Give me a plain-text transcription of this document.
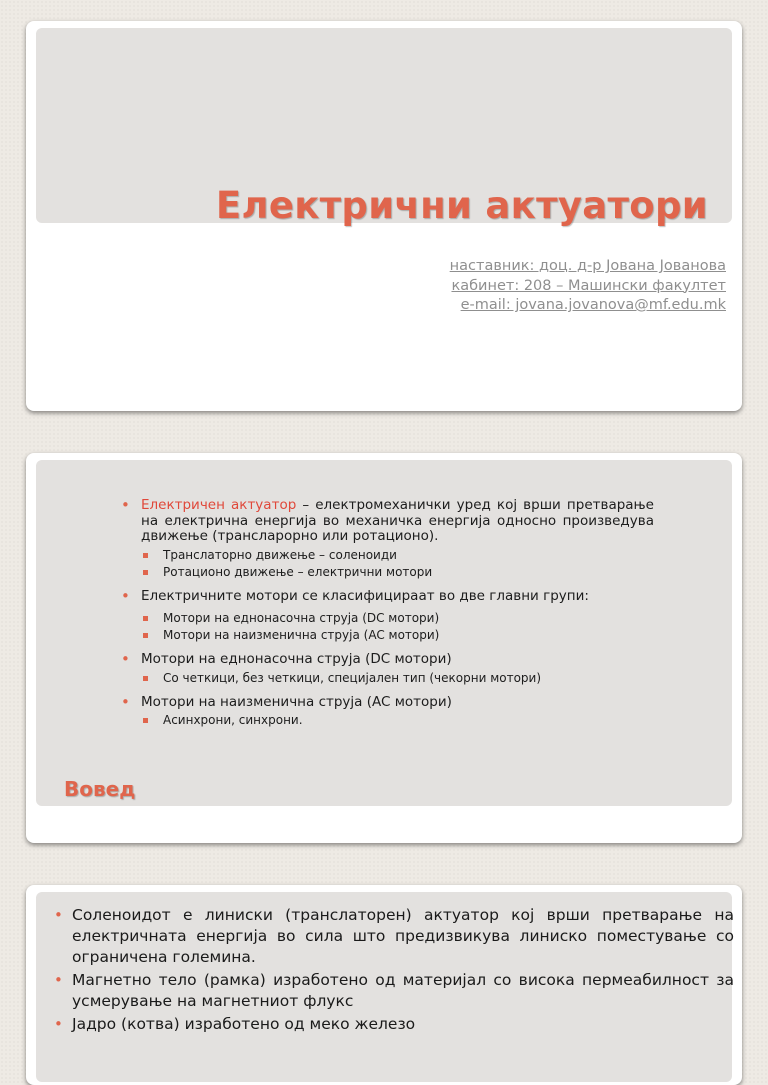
Електрични актуатори
наставник: доц. д-р Јована Јованова
кабинет: 208 – Машински факултет
e-mail: jovana.jovanova@mf.edu.mk
• Електричен актуатор – електромеханички уред кој врши претварање на електрична енергија во механичка енергија односно произведува движење (трансларорно или ротационо).
Транслаторно движење – соленоиди
Ротационо движење – електрични мотори
• Електричните мотори се класифицираат во две главни групи:
Мотори на еднонасочна струја (DC мотори)
Мотори на наизменична струја (AC мотори)
• Мотори на еднонасочна струја (DC мотори)
Со четкици, без четкици, специјален тип (чекорни мотори)
• Мотори на наизменична струја (AC мотори)
Асинхрони, синхрони.
Вовед
• Соленоидот е линиски (транслаторен) актуатор кој врши претварање на електричната енергија во сила што предизвикува линиско поместување со ограничена големина.
• Магнетно тело (рамка) изработено од материјал со висока пермеабилност за усмерување на магнетниот флукс
• Јадро (котва) изработено од меко железо
